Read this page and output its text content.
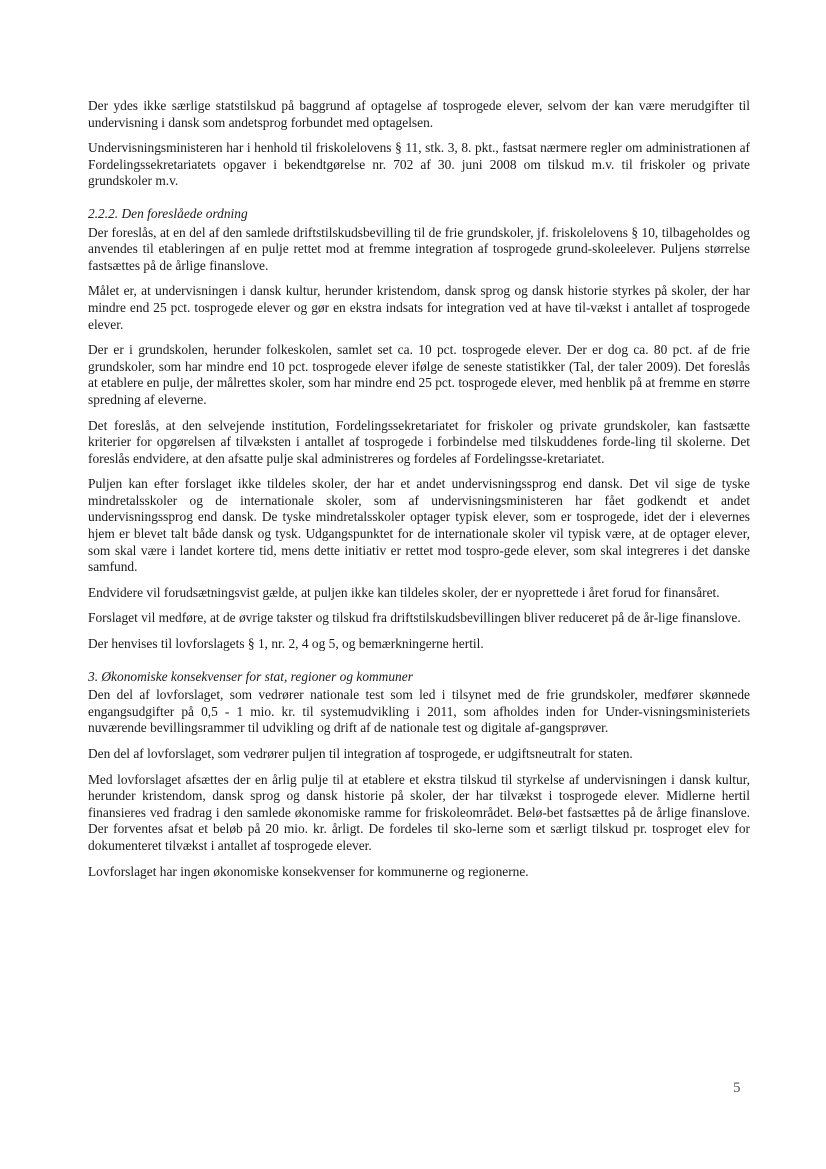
Der ydes ikke særlige statstilskud på baggrund af optagelse af tosprogede elever, selvom der kan være merudgifter til undervisning i dansk som andetsprog forbundet med optagelsen.

Undervisningsministeren har i henhold til friskolelovens § 11, stk. 3, 8. pkt., fastsat nærmere regler om administrationen af Fordelingssekretariatets opgaver i bekendtgørelse nr. 702 af 30. juni 2008 om tilskud m.v. til friskoler og private grundskoler m.v.

2.2.2. Den foreslåede ordning

Der foreslås, at en del af den samlede driftstilskudsbevilling til de frie grundskoler, jf. friskolelovens § 10, tilbageholdes og anvendes til etableringen af en pulje rettet mod at fremme integration af tosprogede grund-skoleelever. Puljens størrelse fastsættes på de årlige finanslove.

Målet er, at undervisningen i dansk kultur, herunder kristendom, dansk sprog og dansk historie styrkes på skoler, der har mindre end 25 pct. tosprogede elever og gør en ekstra indsats for integration ved at have til-vækst i antallet af tosprogede elever.

Der er i grundskolen, herunder folkeskolen, samlet set ca. 10 pct. tosprogede elever. Der er dog ca. 80 pct. af de frie grundskoler, som har mindre end 10 pct. tosprogede elever ifølge de seneste statistikker (Tal, der taler 2009). Det foreslås at etablere en pulje, der målrettes skoler, som har mindre end 25 pct. tosprogede elever, med henblik på at fremme en større spredning af eleverne.

Det foreslås, at den selvejende institution, Fordelingssekretariatet for friskoler og private grundskoler, kan fastsætte kriterier for opgørelsen af tilvæksten i antallet af tosprogede i forbindelse med tilskuddenes forde-ling til skolerne. Det foreslås endvidere, at den afsatte pulje skal administreres og fordeles af Fordelingsse-kretariatet.

Puljen kan efter forslaget ikke tildeles skoler, der har et andet undervisningssprog end dansk. Det vil sige de tyske mindretalsskoler og de internationale skoler, som af undervisningsministeren har fået godkendt et andet undervisningssprog end dansk. De tyske mindretalsskoler optager typisk elever, som er tosprogede, idet der i elevernes hjem er blevet talt både dansk og tysk. Udgangspunktet for de internationale skoler vil typisk være, at de optager elever, som skal være i landet kortere tid, mens dette initiativ er rettet mod tospro-gede elever, som skal integreres i det danske samfund.

Endvidere vil forudsætningsvist gælde, at puljen ikke kan tildeles skoler, der er nyoprettede i året forud for finansåret.

Forslaget vil medføre, at de øvrige takster og tilskud fra driftstilskudsbevillingen bliver reduceret på de år-lige finanslove.

Der henvises til lovforslagets § 1, nr. 2, 4 og 5, og bemærkningerne hertil.

3. Økonomiske konsekvenser for stat, regioner og kommuner

Den del af lovforslaget, som vedrører nationale test som led i tilsynet med de frie grundskoler, medfører skønnede engangsudgifter på 0,5 - 1 mio. kr. til systemudvikling i 2011, som afholdes inden for Under-visningsministeriets nuværende bevillingsrammer til udvikling og drift af de nationale test og digitale af-gangsprøver.

Den del af lovforslaget, som vedrører puljen til integration af tosprogede, er udgiftsneutralt for staten.

Med lovforslaget afsættes der en årlig pulje til at etablere et ekstra tilskud til styrkelse af undervisningen i dansk kultur, herunder kristendom, dansk sprog og dansk historie på skoler, der har tilvækst i tosprogede elever. Midlerne hertil finansieres ved fradrag i den samlede økonomiske ramme for friskoleområdet. Belø-bet fastsættes på de årlige finanslove. Der forventes afsat et beløb på 20 mio. kr. årligt. De fordeles til sko-lerne som et særligt tilskud pr. tosproget elev for dokumenteret tilvækst i antallet af tosprogede elever.

Lovforslaget har ingen økonomiske konsekvenser for kommunerne og regionerne.

5
